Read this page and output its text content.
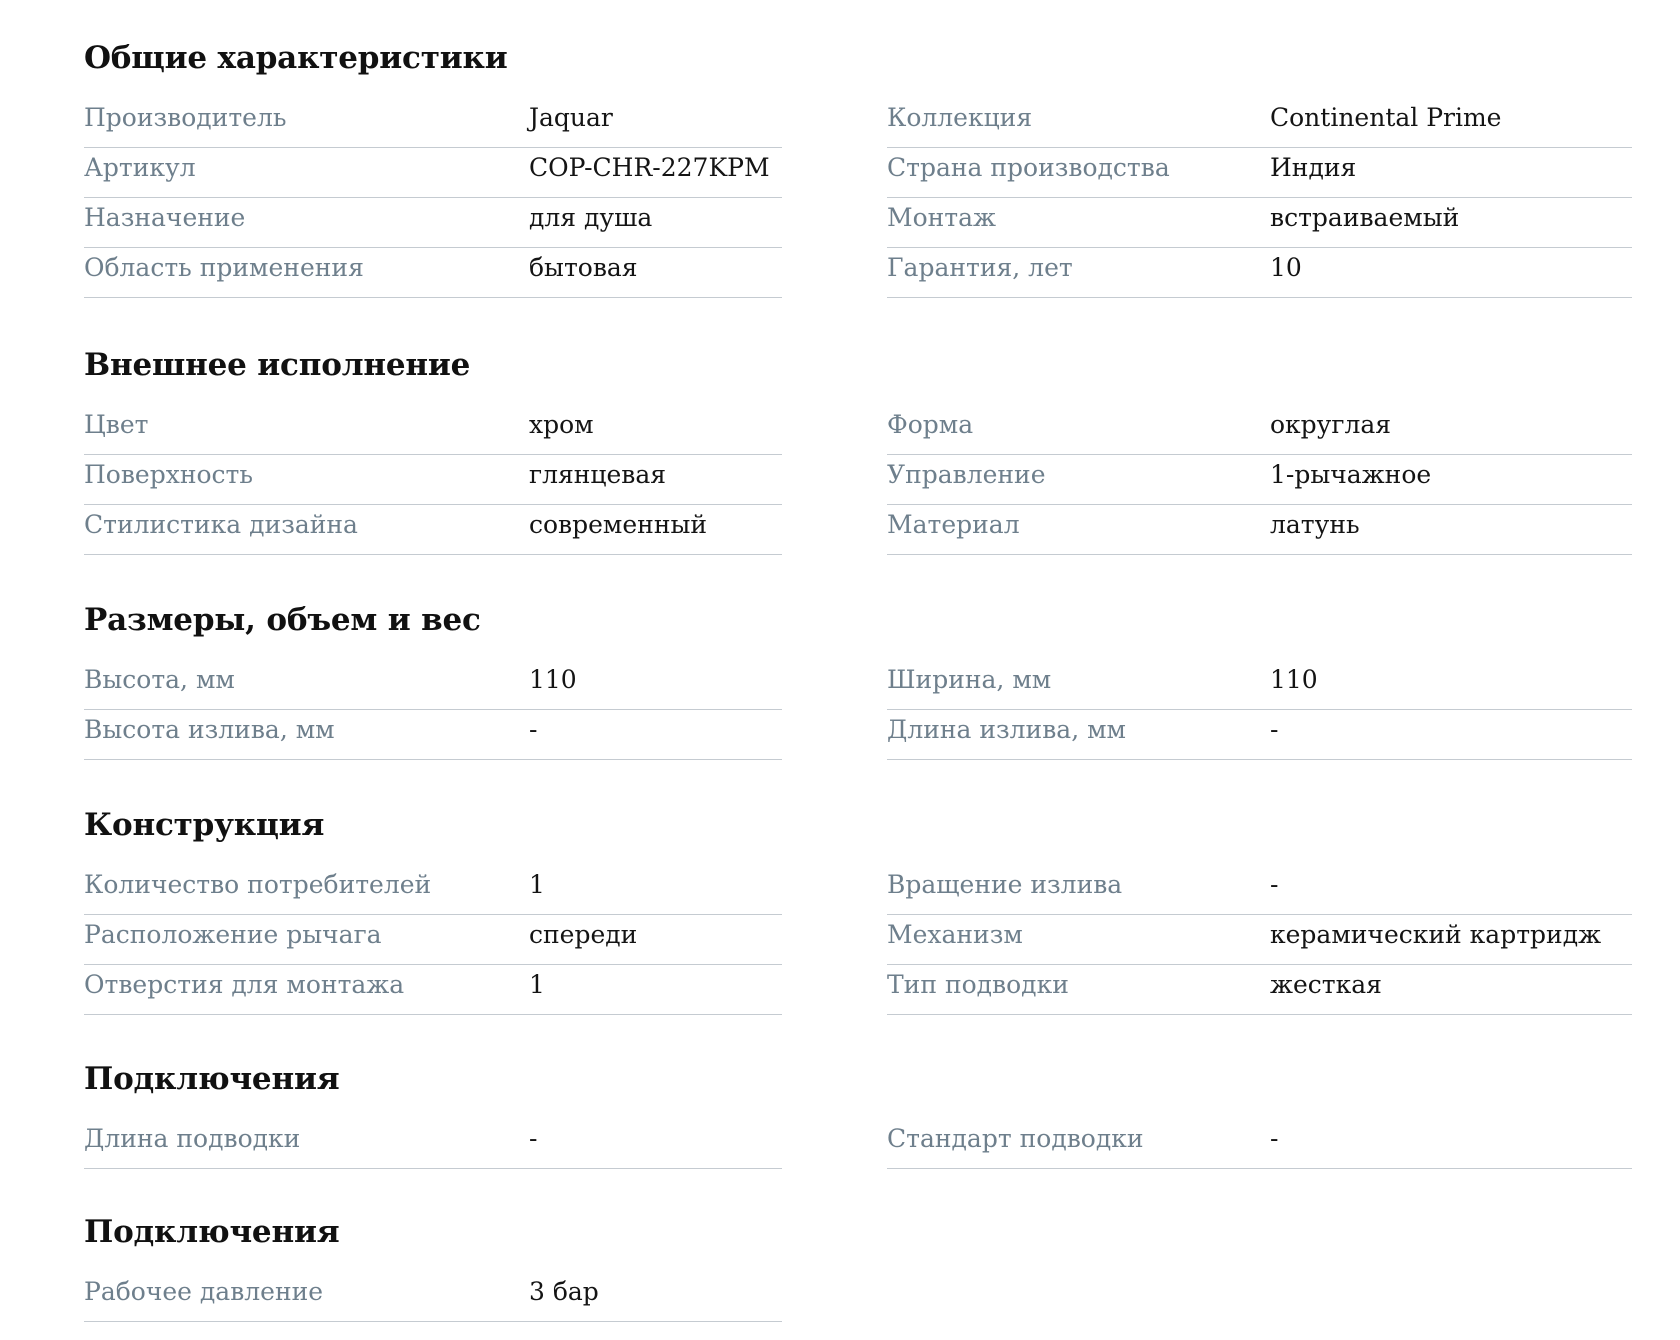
Общие характеристики
Производитель	Jaquar
Артикул	COP-CHR-227KPM
Назначение	для душа
Область применения	бытовая
Коллекция	Continental Prime
Страна производства	Индия
Монтаж	встраиваемый
Гарантия, лет	10
Внешнее исполнение
Цвет	хром
Поверхность	глянцевая
Стилистика дизайна	современный
Форма	округлая
Управление	1-рычажное
Материал	латунь
Размеры, объем и вес
Высота, мм	110
Высота излива, мм	-
Ширина, мм	110
Длина излива, мм	-
Конструкция
Количество потребителей	1
Расположение рычага	спереди
Отверстия для монтажа	1
Вращение излива	-
Механизм	керамический картридж
Тип подводки	жесткая
Подключения
Длина подводки	-	Стандарт подводки	-
Подключения
Рабочее давление	3 бар
